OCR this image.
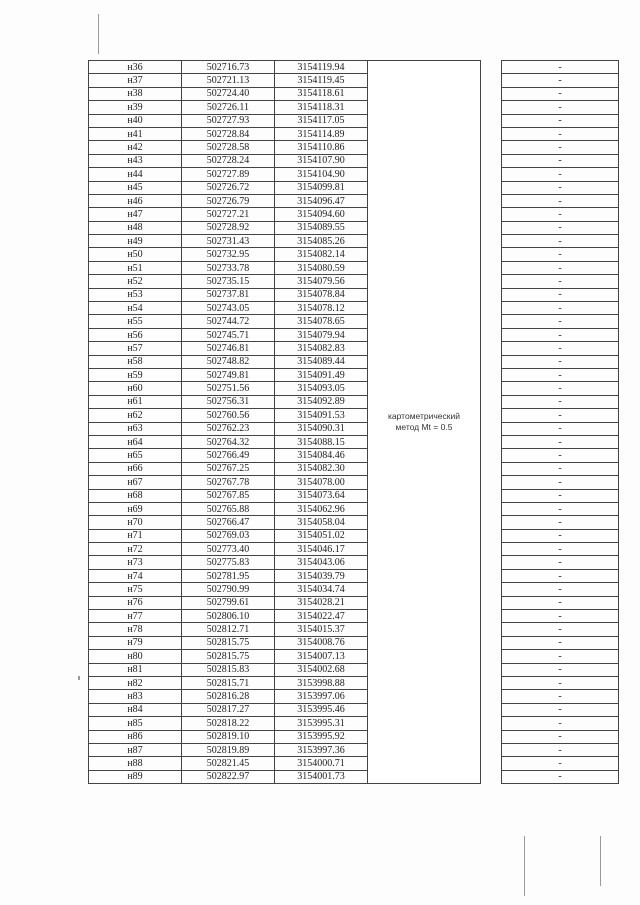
н36	502716.73	3154119.94	картометрический
метод Mt = 0.5		-
н37	502721.13	3154119.45			-
н38	502724.40	3154118.61			-
н39	502726.11	3154118.31			-
н40	502727.93	3154117.05			-
н41	502728.84	3154114.89			-
н42	502728.58	3154110.86			-
н43	502728.24	3154107.90			-
н44	502727.89	3154104.90			-
н45	502726.72	3154099.81			-
н46	502726.79	3154096.47			-
н47	502727.21	3154094.60			-
н48	502728.92	3154089.55			-
н49	502731.43	3154085.26			-
н50	502732.95	3154082.14			-
н51	502733.78	3154080.59			-
н52	502735.15	3154079.56			-
н53	502737.81	3154078.84			-
н54	502743.05	3154078.12			-
н55	502744.72	3154078.65			-
н56	502745.71	3154079.94			-
н57	502746.81	3154082.83			-
н58	502748.82	3154089.44			-
н59	502749.81	3154091.49			-
н60	502751.56	3154093.05			-
н61	502756.31	3154092.89			-
н62	502760.56	3154091.53			-
н63	502762.23	3154090.31			-
н64	502764.32	3154088.15			-
н65	502766.49	3154084.46			-
н66	502767.25	3154082.30			-
н67	502767.78	3154078.00			-
н68	502767.85	3154073.64			-
н69	502765.88	3154062.96			-
н70	502766.47	3154058.04			-
н71	502769.03	3154051.02			-
н72	502773.40	3154046.17			-
н73	502775.83	3154043.06			-
н74	502781.95	3154039.79			-
н75	502790.99	3154034.74			-
н76	502799.61	3154028.21			-
н77	502806.10	3154022.47			-
н78	502812.71	3154015.37			-
н79	502815.75	3154008.76			-
н80	502815.75	3154007.13			-
н81	502815.83	3154002.68			-
н82	502815.71	3153998.88			-
н83	502816.28	3153997.06			-
н84	502817.27	3153995.46			-
н85	502818.22	3153995.31			-
н86	502819.10	3153995.92			-
н87	502819.89	3153997.36			-
н88	502821.45	3154000.71			-
н89	502822.97	3154001.73			-
